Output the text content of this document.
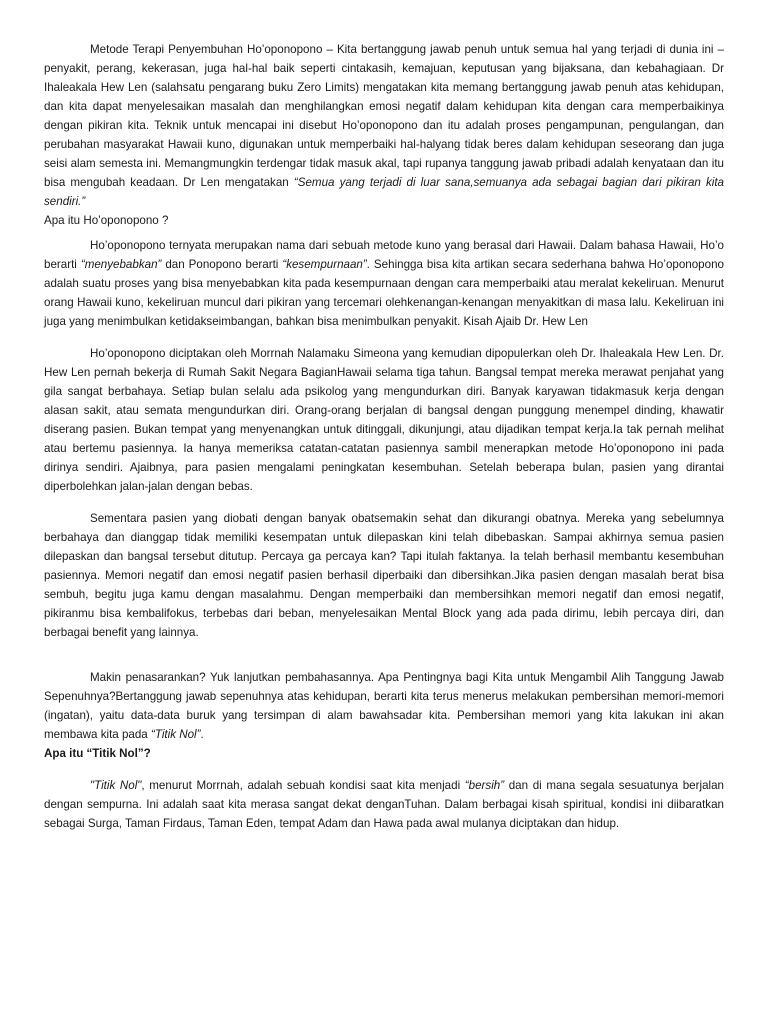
Metode Terapi Penyembuhan Ho’oponopono – Kita bertanggung jawab penuh untuk semua hal yang terjadi di dunia ini – penyakit, perang, kekerasan, juga hal-hal baik seperti cintakasih, kemajuan, keputusan yang bijaksana, dan kebahagiaan. Dr Ihaleakala Hew Len (salahsatu pengarang buku Zero Limits) mengatakan kita memang bertanggung jawab penuh atas kehidupan, dan kita dapat menyelesaikan masalah dan menghilangkan emosi negatif dalam kehidupan kita dengan cara memperbaikinya dengan pikiran kita. Teknik untuk mencapai ini disebut Ho’oponopono dan itu adalah proses pengampunan, pengulangan, dan perubahan masyarakat Hawaii kuno, digunakan untuk memperbaiki hal-halyang tidak beres dalam kehidupan seseorang dan juga seisi alam semesta ini. Memangmungkin terdengar tidak masuk akal, tapi rupanya tanggung jawab pribadi adalah kenyataan dan itu bisa mengubah keadaan. Dr Len mengatakan “Semua yang terjadi di luar sana,semuanya ada sebagai bagian dari pikiran kita sendiri.”

Apa itu Ho’oponopono ?

Ho’oponopono ternyata merupakan nama dari sebuah metode kuno yang berasal dari Hawaii. Dalam bahasa Hawaii, Ho’o berarti “menyebabkan” dan Ponopono berarti “kesempurnaan”. Sehingga bisa kita artikan secara sederhana bahwa Ho’oponopono adalah suatu proses yang bisa menyebabkan kita pada kesempurnaan dengan cara memperbaiki atau meralat kekeliruan. Menurut orang Hawaii kuno, kekeliruan muncul dari pikiran yang tercemari olehkenangan-kenangan menyakitkan di masa lalu. Kekeliruan ini juga yang menimbulkan ketidakseimbangan, bahkan bisa menimbulkan penyakit. Kisah Ajaib Dr. Hew Len

Ho’oponopono diciptakan oleh Morrnah Nalamaku Simeona yang kemudian dipopulerkan oleh Dr. Ihaleakala Hew Len. Dr. Hew Len pernah bekerja di Rumah Sakit Negara BagianHawaii selama tiga tahun. Bangsal tempat mereka merawat penjahat yang gila sangat berbahaya. Setiap bulan selalu ada psikolog yang mengundurkan diri. Banyak karyawan tidakmasuk kerja dengan alasan sakit, atau semata mengundurkan diri. Orang-orang berjalan di bangsal dengan punggung menempel dinding, khawatir diserang pasien. Bukan tempat yang menyenangkan untuk ditinggali, dikunjungi, atau dijadikan tempat kerja.Ia tak pernah melihat atau bertemu pasiennya. Ia hanya memeriksa catatan-catatan pasiennya sambil menerapkan metode Ho’oponopono ini pada dirinya sendiri. Ajaibnya, para pasien mengalami peningkatan kesembuhan. Setelah beberapa bulan, pasien yang dirantai diperbolehkan jalan-jalan dengan bebas.

Sementara pasien yang diobati dengan banyak obatsemakin sehat dan dikurangi obatnya. Mereka yang sebelumnya berbahaya dan dianggap tidak memiliki kesempatan untuk dilepaskan kini telah dibebaskan. Sampai akhirnya semua pasien dilepaskan dan bangsal tersebut ditutup. Percaya ga percaya kan? Tapi itulah faktanya. Ia telah berhasil membantu kesembuhan pasiennya. Memori negatif dan emosi negatif pasien berhasil diperbaiki dan dibersihkan.Jika pasien dengan masalah berat bisa sembuh, begitu juga kamu dengan masalahmu. Dengan memperbaiki dan membersihkan memori negatif dan emosi negatif, pikiranmu bisa kembalifokus, terbebas dari beban, menyelesaikan Mental Block yang ada pada dirimu, lebih percaya diri, dan berbagai benefit yang lainnya.

Makin penasarankan? Yuk lanjutkan pembahasannya. Apa Pentingnya bagi Kita untuk Mengambil Alih Tanggung Jawab Sepenuhnya?Bertanggung jawab sepenuhnya atas kehidupan, berarti kita terus menerus melakukan pembersihan memori-memori (ingatan), yaitu data-data buruk yang tersimpan di alam bawahsadar kita. Pembersihan memori yang kita lakukan ini akan membawa kita pada “Titik Nol”.

Apa itu “Titik Nol”?

"Titik Nol", menurut Morrnah, adalah sebuah kondisi saat kita menjadi “bersih” dan di mana segala sesuatunya berjalan dengan sempurna. Ini adalah saat kita merasa sangat dekat denganTuhan. Dalam berbagai kisah spiritual, kondisi ini diibaratkan sebagai Surga, Taman Firdaus, Taman Eden, tempat Adam dan Hawa pada awal mulanya diciptakan dan hidup.
